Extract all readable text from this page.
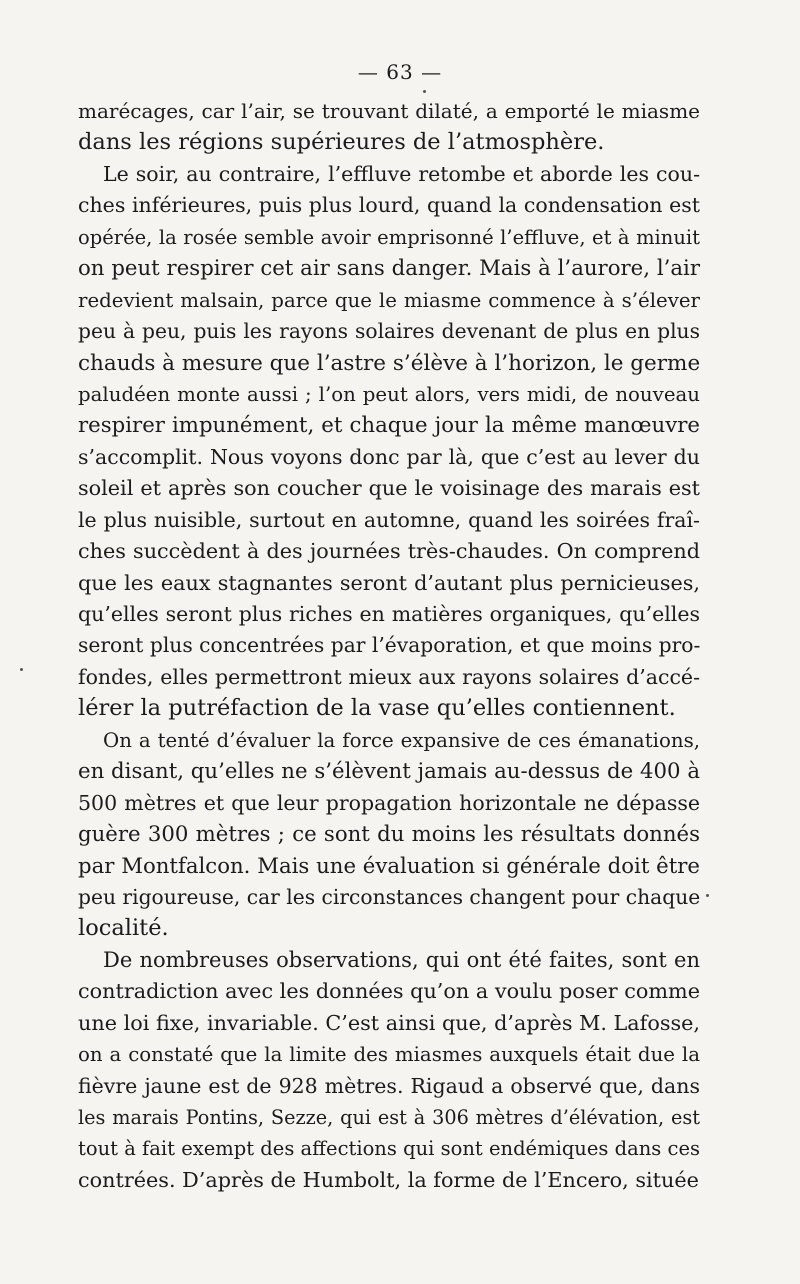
— 63 —
marécages, car l’air, se trouvant dilaté, a emporté le miasme
dans les régions supérieures de l’atmosphère.
Le soir, au contraire, l’effluve retombe et aborde les cou-
ches inférieures, puis plus lourd, quand la condensation est
opérée, la rosée semble avoir emprisonné l’effluve, et à minuit
on peut respirer cet air sans danger. Mais à l’aurore, l’air
redevient malsain, parce que le miasme commence à s’élever
peu à peu, puis les rayons solaires devenant de plus en plus
chauds à mesure que l’astre s’élève à l’horizon, le germe
paludéen monte aussi ; l’on peut alors, vers midi, de nouveau
respirer impunément, et chaque jour la même manœuvre
s’accomplit. Nous voyons donc par là, que c’est au lever du
soleil et après son coucher que le voisinage des marais est
le plus nuisible, surtout en automne, quand les soirées fraî-
ches succèdent à des journées très-chaudes. On comprend
que les eaux stagnantes seront d’autant plus pernicieuses,
qu’elles seront plus riches en matières organiques, qu’elles
seront plus concentrées par l’évaporation, et que moins pro-
fondes, elles permettront mieux aux rayons solaires d’accé-
lérer la putréfaction de la vase qu’elles contiennent.
On a tenté d’évaluer la force expansive de ces émanations,
en disant, qu’elles ne s’élèvent jamais au-dessus de 400 à
500 mètres et que leur propagation horizontale ne dépasse
guère 300 mètres ; ce sont du moins les résultats donnés
par Montfalcon. Mais une évaluation si générale doit être
peu rigoureuse, car les circonstances changent pour chaque
localité.
De nombreuses observations, qui ont été faites, sont en
contradiction avec les données qu’on a voulu poser comme
une loi fixe, invariable. C’est ainsi que, d’après M. Lafosse,
on a constaté que la limite des miasmes auxquels était due la
fièvre jaune est de 928 mètres. Rigaud a observé que, dans
les marais Pontins, Sezze, qui est à 306 mètres d’élévation, est
tout à fait exempt des affections qui sont endémiques dans ces
contrées. D’après de Humbolt, la forme de l’Encero, située
